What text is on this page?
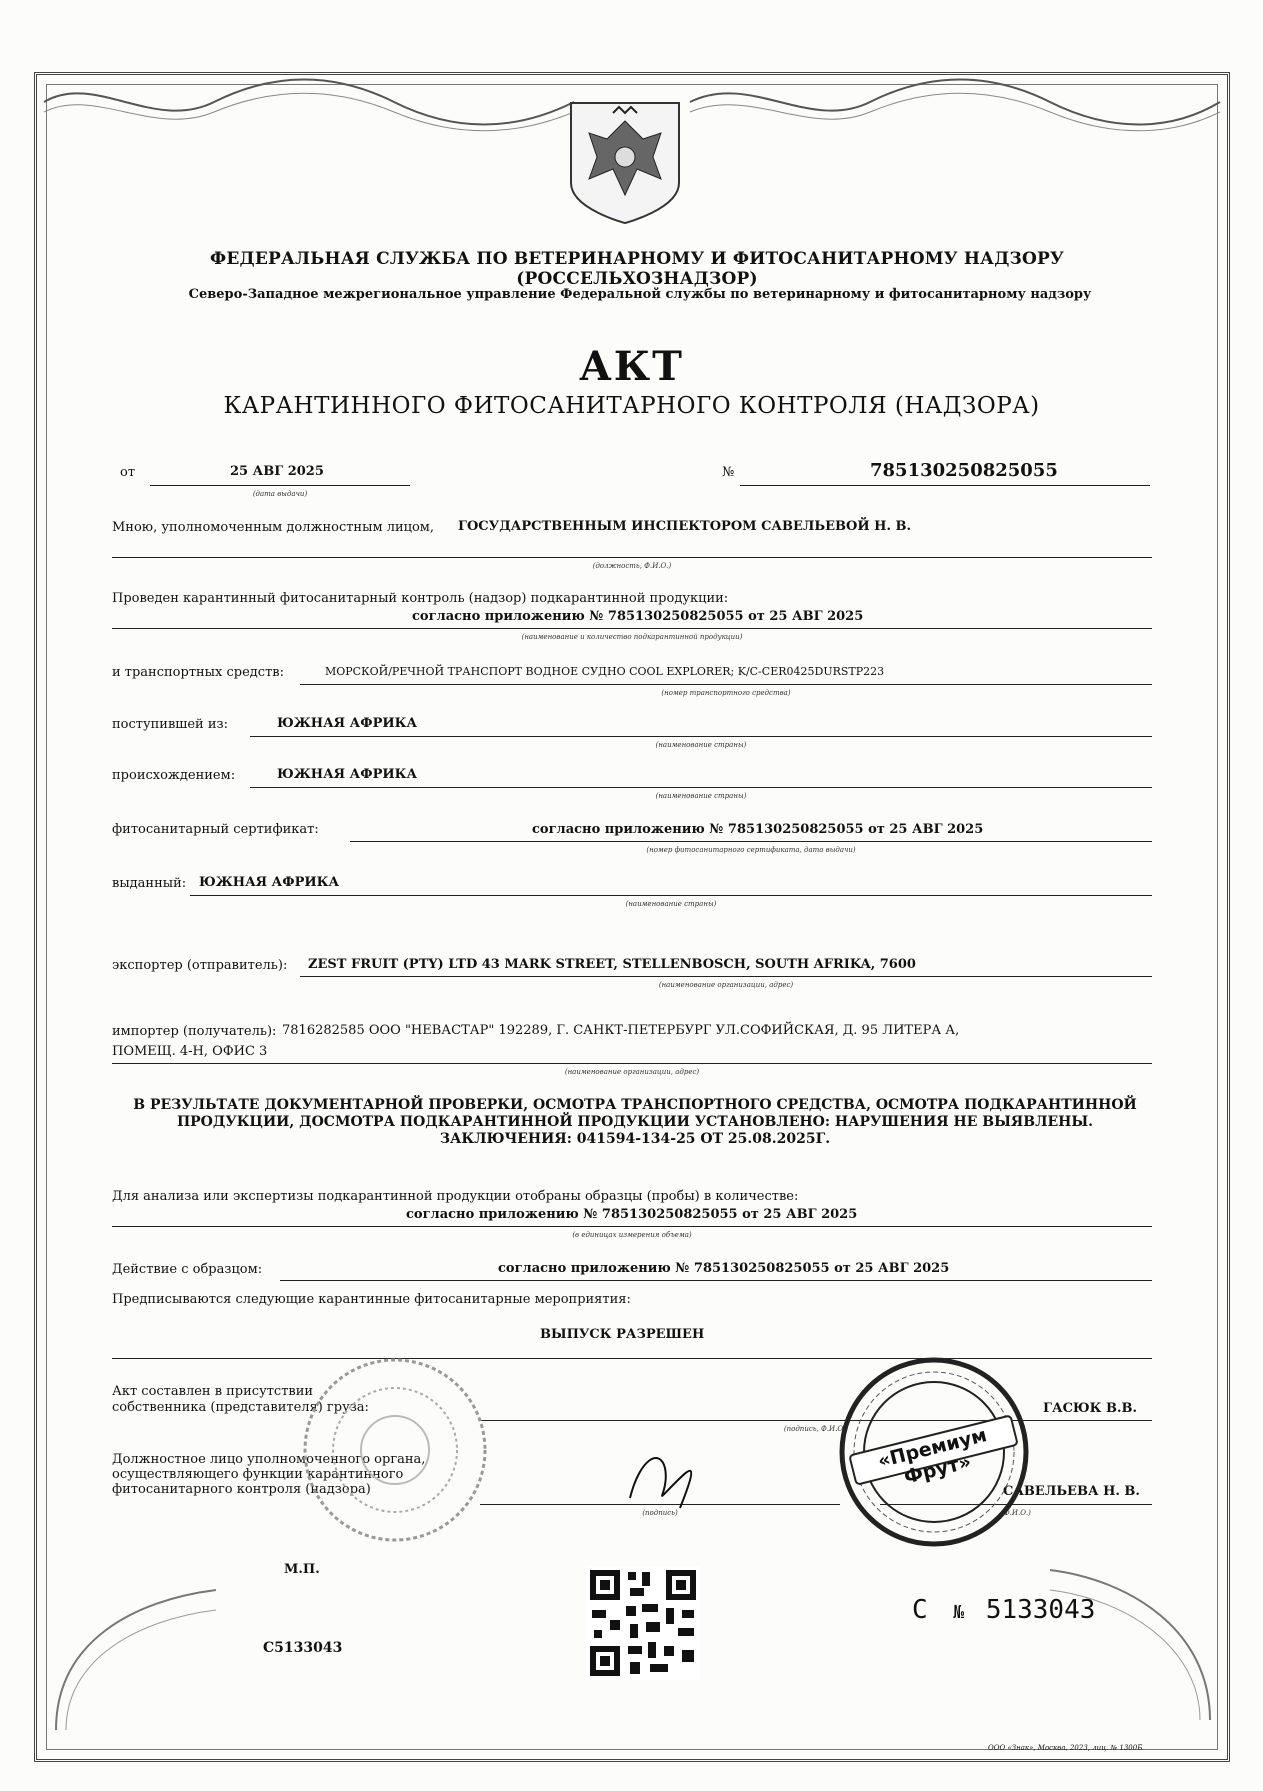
ФЕДЕРАЛЬНАЯ СЛУЖБА ПО ВЕТЕРИНАРНОМУ И ФИТОСАНИТАРНОМУ НАДЗОРУ (РОССЕЛЬХОЗНАДЗОР)
Северо-Западное межрегиональное управление Федеральной службы по ветеринарному и фитосанитарному надзору
АКТ
КАРАНТИННОГО ФИТОСАНИТАРНОГО КОНТРОЛЯ (НАДЗОРА)
от	25 АВГ 2025
(дата выдачи)
№	785130250825055
Мною, уполномоченным должностным лицом, ГОСУДАРСТВЕННЫМ ИНСПЕКТОРОМ САВЕЛЬЕВОЙ Н. В.
(должность, Ф.И.О.)
Проведен карантинный фитосанитарный контроль (надзор) подкарантинной продукции:
согласно приложению № 785130250825055 от 25 АВГ 2025
(наименование и количество подкарантинной продукции)
и транспортных средств:	МОРСКОЙ/РЕЧНОЙ ТРАНСПОРТ ВОДНОЕ СУДНО COOL EXPLORER; K/C-CER0425DURSTP223
(номер транспортного средства)
поступившей из:	ЮЖНАЯ АФРИКА
(наименование страны)
происхождением:	ЮЖНАЯ АФРИКА
(наименование страны)
фитосанитарный сертификат:	согласно приложению № 785130250825055 от 25 АВГ 2025
(номер фитосанитарного сертификата, дата выдачи)
выданный: ЮЖНАЯ АФРИКА
(наименование страны)
экспортер (отправитель): ZEST FRUIT (PTY) LTD 43 MARK STREET, STELLENBOSCH, SOUTH AFRIKA, 7600
(наименование организации, адрес)
импортер (получатель): 7816282585 ООО "НЕВАСТАР" 192289, Г. САНКТ-ПЕТЕРБУРГ УЛ.СОФИЙСКАЯ, Д. 95 ЛИТЕРА А,
ПОМЕЩ. 4-Н, ОФИС 3
(наименование организации, адрес)
В РЕЗУЛЬТАТЕ ДОКУМЕНТАРНОЙ ПРОВЕРКИ, ОСМОТРА ТРАНСПОРТНОГО СРЕДСТВА, ОСМОТРА ПОДКАРАНТИННОЙ
ПРОДУКЦИИ, ДОСМОТРА ПОДКАРАНТИННОЙ ПРОДУКЦИИ УСТАНОВЛЕНО: НАРУШЕНИЯ НЕ ВЫЯВЛЕНЫ.
ЗАКЛЮЧЕНИЯ: 041594-134-25 ОТ 25.08.2025Г.
Для анализа или экспертизы подкарантинной продукции отобраны образцы (пробы) в количестве:
согласно приложению № 785130250825055 от 25 АВГ 2025
(в единицах измерения объема)
Действие с образцом:	согласно приложению № 785130250825055 от 25 АВГ 2025
Предписываются следующие карантинные фитосанитарные мероприятия:
ВЫПУСК РАЗРЕШЕН
Акт составлен в присутствии
собственника (представителя) груза:	ГАСЮК В.В.
(подпись, Ф.И.О.)
Должностное лицо уполномоченного органа,
осуществляющего функции карантинного
фитосанитарного контроля (надзора)
(подпись)
САВЕЛЬЕВА Н. В.
(Ф.И.О.)
М.П.
«Премиум Фрут»
С5133043
С № 5133043
ООО «Знак», Москва, 2023, лиц. № 1300Б
